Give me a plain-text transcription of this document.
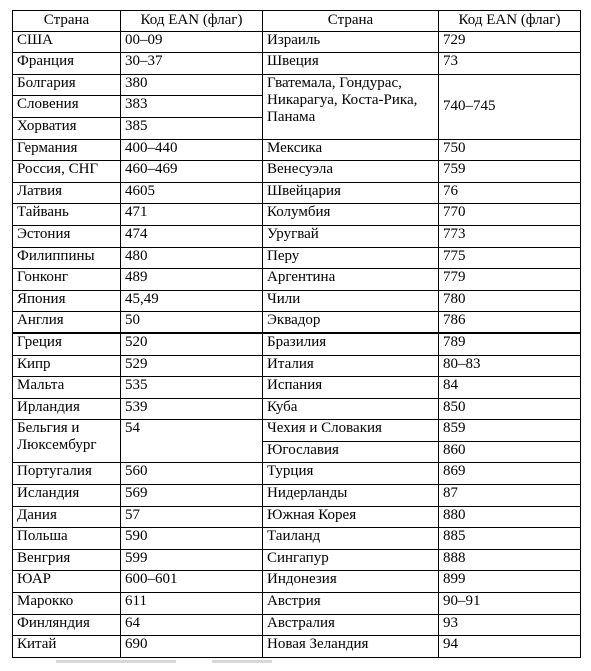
Страна	Код EAN (флаг)	Страна	Код EAN (флаг)
США	00–09	Израиль	729
Франция	30–37	Швеция	73
Болгария	380	Гватемала, Гондурас, Никарагуа, Коста-Рика, Панама	740–745
Словения	383		
Хорватия	385		
Германия	400–440	Мексика	750
Россия, СНГ	460–469	Венесуэла	759
Латвия	4605	Швейцария	76
Тайвань	471	Колумбия	770
Эстония	474	Уругвай	773
Филиппины	480	Перу	775
Гонконг	489	Аргентина	779
Япония	45,49	Чили	780
Англия	50	Эквадор	786
Греция	520	Бразилия	789
Кипр	529	Италия	80–83
Мальта	535	Испания	84
Ирландия	539	Куба	850
Бельгия и Люксембург	54	Чехия и Словакия	859
		Югославия	860
Португалия	560	Турция	869
Исландия	569	Нидерланды	87
Дания	57	Южная Корея	880
Польша	590	Таиланд	885
Венгрия	599	Сингапур	888
ЮАР	600–601	Индонезия	899
Марокко	611	Австрия	90–91
Финляндия	64	Австралия	93
Китай	690	Новая Зеландия	94
